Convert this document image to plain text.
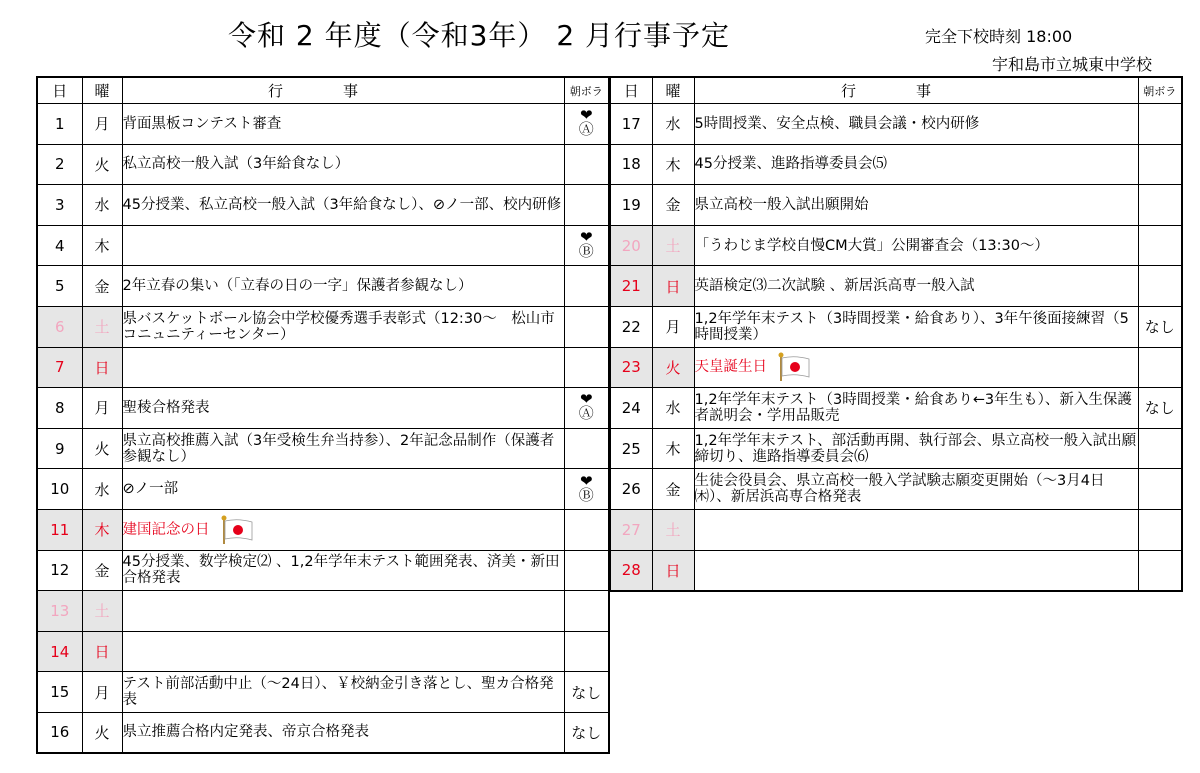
令和 2 年度（令和3年） 2 月行事予定	完全下校時刻 18:00
宇和島市立城東中学校
日	曜	行事	朝ボラ
1	月	背面黒板コンテスト審査	❤
Ⓐ

2	火	私立高校一般入試（3年給食なし）	
3	水	45分授業、私立高校一般入試（3年給食なし）、⊘ノ一部、校内研修	
4	木		❤
Ⓑ

5	金	2年立春の集い（「立春の日の一字」保護者参観なし）	
6	土	県バスケットボール協会中学校優秀選手表彰式（12:30～　松山市コニュニティーセンター）	
7	日		
8	月	聖稜合格発表	❤
Ⓐ

9	火	県立高校推薦入試（3年受検生弁当持参）、2年記念品制作（保護者参観なし）	
10	水	⊘ノ一部	❤
Ⓑ

11	木	建国記念の日	
12	金	45分授業、数学検定⑵ 、1,2年学年末テスト範囲発表、済美・新田合格発表	
13	土		
14	日		
15	月	テスト前部活動中止（～24日）、￥校納金引き落とし、聖カ合格発表	なし
16	火	県立推薦合格内定発表、帝京合格発表	なし
日	曜	行事	朝ボラ
17	水	5時間授業、安全点検、職員会議・校内研修	
18	木	45分授業、進路指導委員会⑸	
19	金	県立高校一般入試出願開始	
20	土	「うわじま学校自慢CM大賞」公開審査会（13:30～）	
21	日	英語検定⑶二次試験 、新居浜高専一般入試	
22	月	1,2年学年末テスト（3時間授業・給食あり）、3年午後面接練習（5時間授業）	なし
23	火	天皇誕生日	
24	水	1,2年学年末テスト（3時間授業・給食あり←3年生も）、新入生保護者説明会・学用品販売	なし
25	木	1,2年学年末テスト、部活動再開、執行部会、県立高校一般入試出願締切り、進路指導委員会⑹	
26	金	生徒会役員会、県立高校一般入学試験志願変更開始（～3月4日㈭）、新居浜高専合格発表	
27	土		
28	日		
